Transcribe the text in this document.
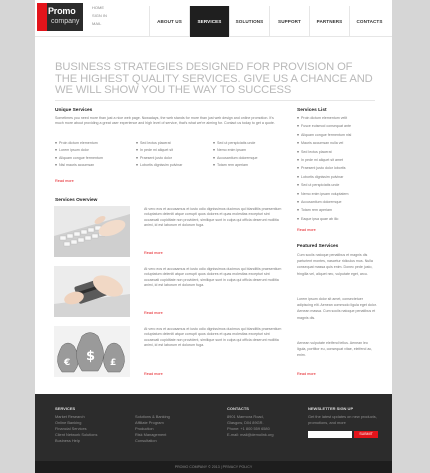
Promo
company
HOME
SIGN IN
MAIL	ABOUT US	SERVICES	SOLUTIONS	SUPPORT	PARTNERS	CONTACTS
BUSINESS STRATEGIES DESIGNED FOR PROVISION OF THE HIGHEST QUALITY SERVICES. GIVE US A CHANCE AND WE WILL SHOW YOU THE WAY TO SUCCESS
Unique Services
Sometimes you need more than just a nice web page. Nowadays, the web stands for more than just web design and online promotion. It's much more about providing a great user experience and high level of service, that's what we're aiming for. Contact us today to get a quote.
» Proin dictum elementum
» Lorem ipsum dolor
» Aliquam congue fermentum
» Nisl mauris accumsan
» Sed lectus placerat
» In pede mi aliquet sit
» Praesent justo dolor
» Lobortis dignissim pulvinar
» Sed ut perspiciatis unde
» Nemo enim ipsam
» Accusantium doloremque
» Totam rem aperiam
Read more
Services Overview
At vero eos et accusamus et iusto odio dignissimos ducimus qui blanditiis praesentium voluptatum deleniti atque corrupti quos dolores et quas molestias excepturi sint occaecati cupiditate non provident, similique sunt in culpa qui officia deserunt mollitia animi, id est laborum et dolorum fuga.
Read more
At vero eos et accusamus et iusto odio dignissimos ducimus qui blanditiis praesentium voluptatum deleniti atque corrupti quos dolores et quas molestias excepturi sint occaecati cupiditate non provident, similique sunt in culpa qui officia deserunt mollitia animi, id est laborum et dolorum fuga.
Read more
€ $ £
At vero eos et accusamus et iusto odio dignissimos ducimus qui blanditiis praesentium voluptatum deleniti atque corrupti quos dolores et quas molestias excepturi sint occaecati cupiditate non provident, similique sunt in culpa qui officia deserunt mollitia animi, id est laborum et dolorum fuga.
Read more
Services List
» Proin dictum elementum velit
» Fusce euismod consequat ante
» Aliquam congue fermentum nisl
» Mauris accumsan nulla vel
» Sed lectus placerat
» In pede mi aliquet sit amet
» Praesent justo dolor lobortis
» Lobortis dignissim pulvinar
» Sed ut perspiciatis unde
» Nemo enim ipsam voluptatem
» Accusantium doloremque
» Totam rem aperiam
» Eaque ipsa quae ab illo
Read more
Featured Services
Cum sociis natoque penatibus et magnis dis parturient montes, nascetur ridiculus mus. Nulla consequat massa quis enim. Donec pede justo, fringilla vel, aliquet nec, vulputate eget, arcu.
Lorem ipsum dolor sit amet, consectetuer adipiscing elit. Aenean commodo ligula eget dolor. Aenean massa. Cum sociis natoque penatibus et magnis dis.
Aenean vulputate eleifend tellus. Aenean leo ligula, porttitor eu, consequat vitae, eleifend ac, enim.
Read more
SERVICES
Market Research
Online Banking
Financial Services
Client Network Solutions
Business Help
Solutions & Banking
Affiliate Program
Production
Risk Management
Consultation
CONTACTS
8901 Marmora Road,
Glasgow, D04 89GR.
Phone: +1 800 559 6580
E-mail: mail@demolink.org
NEWSLETTER SIGN UP
Get the latest updates on new products, promotions, and more
SUBMIT
PROMO COMPANY © 2013 | PRIVACY POLICY
